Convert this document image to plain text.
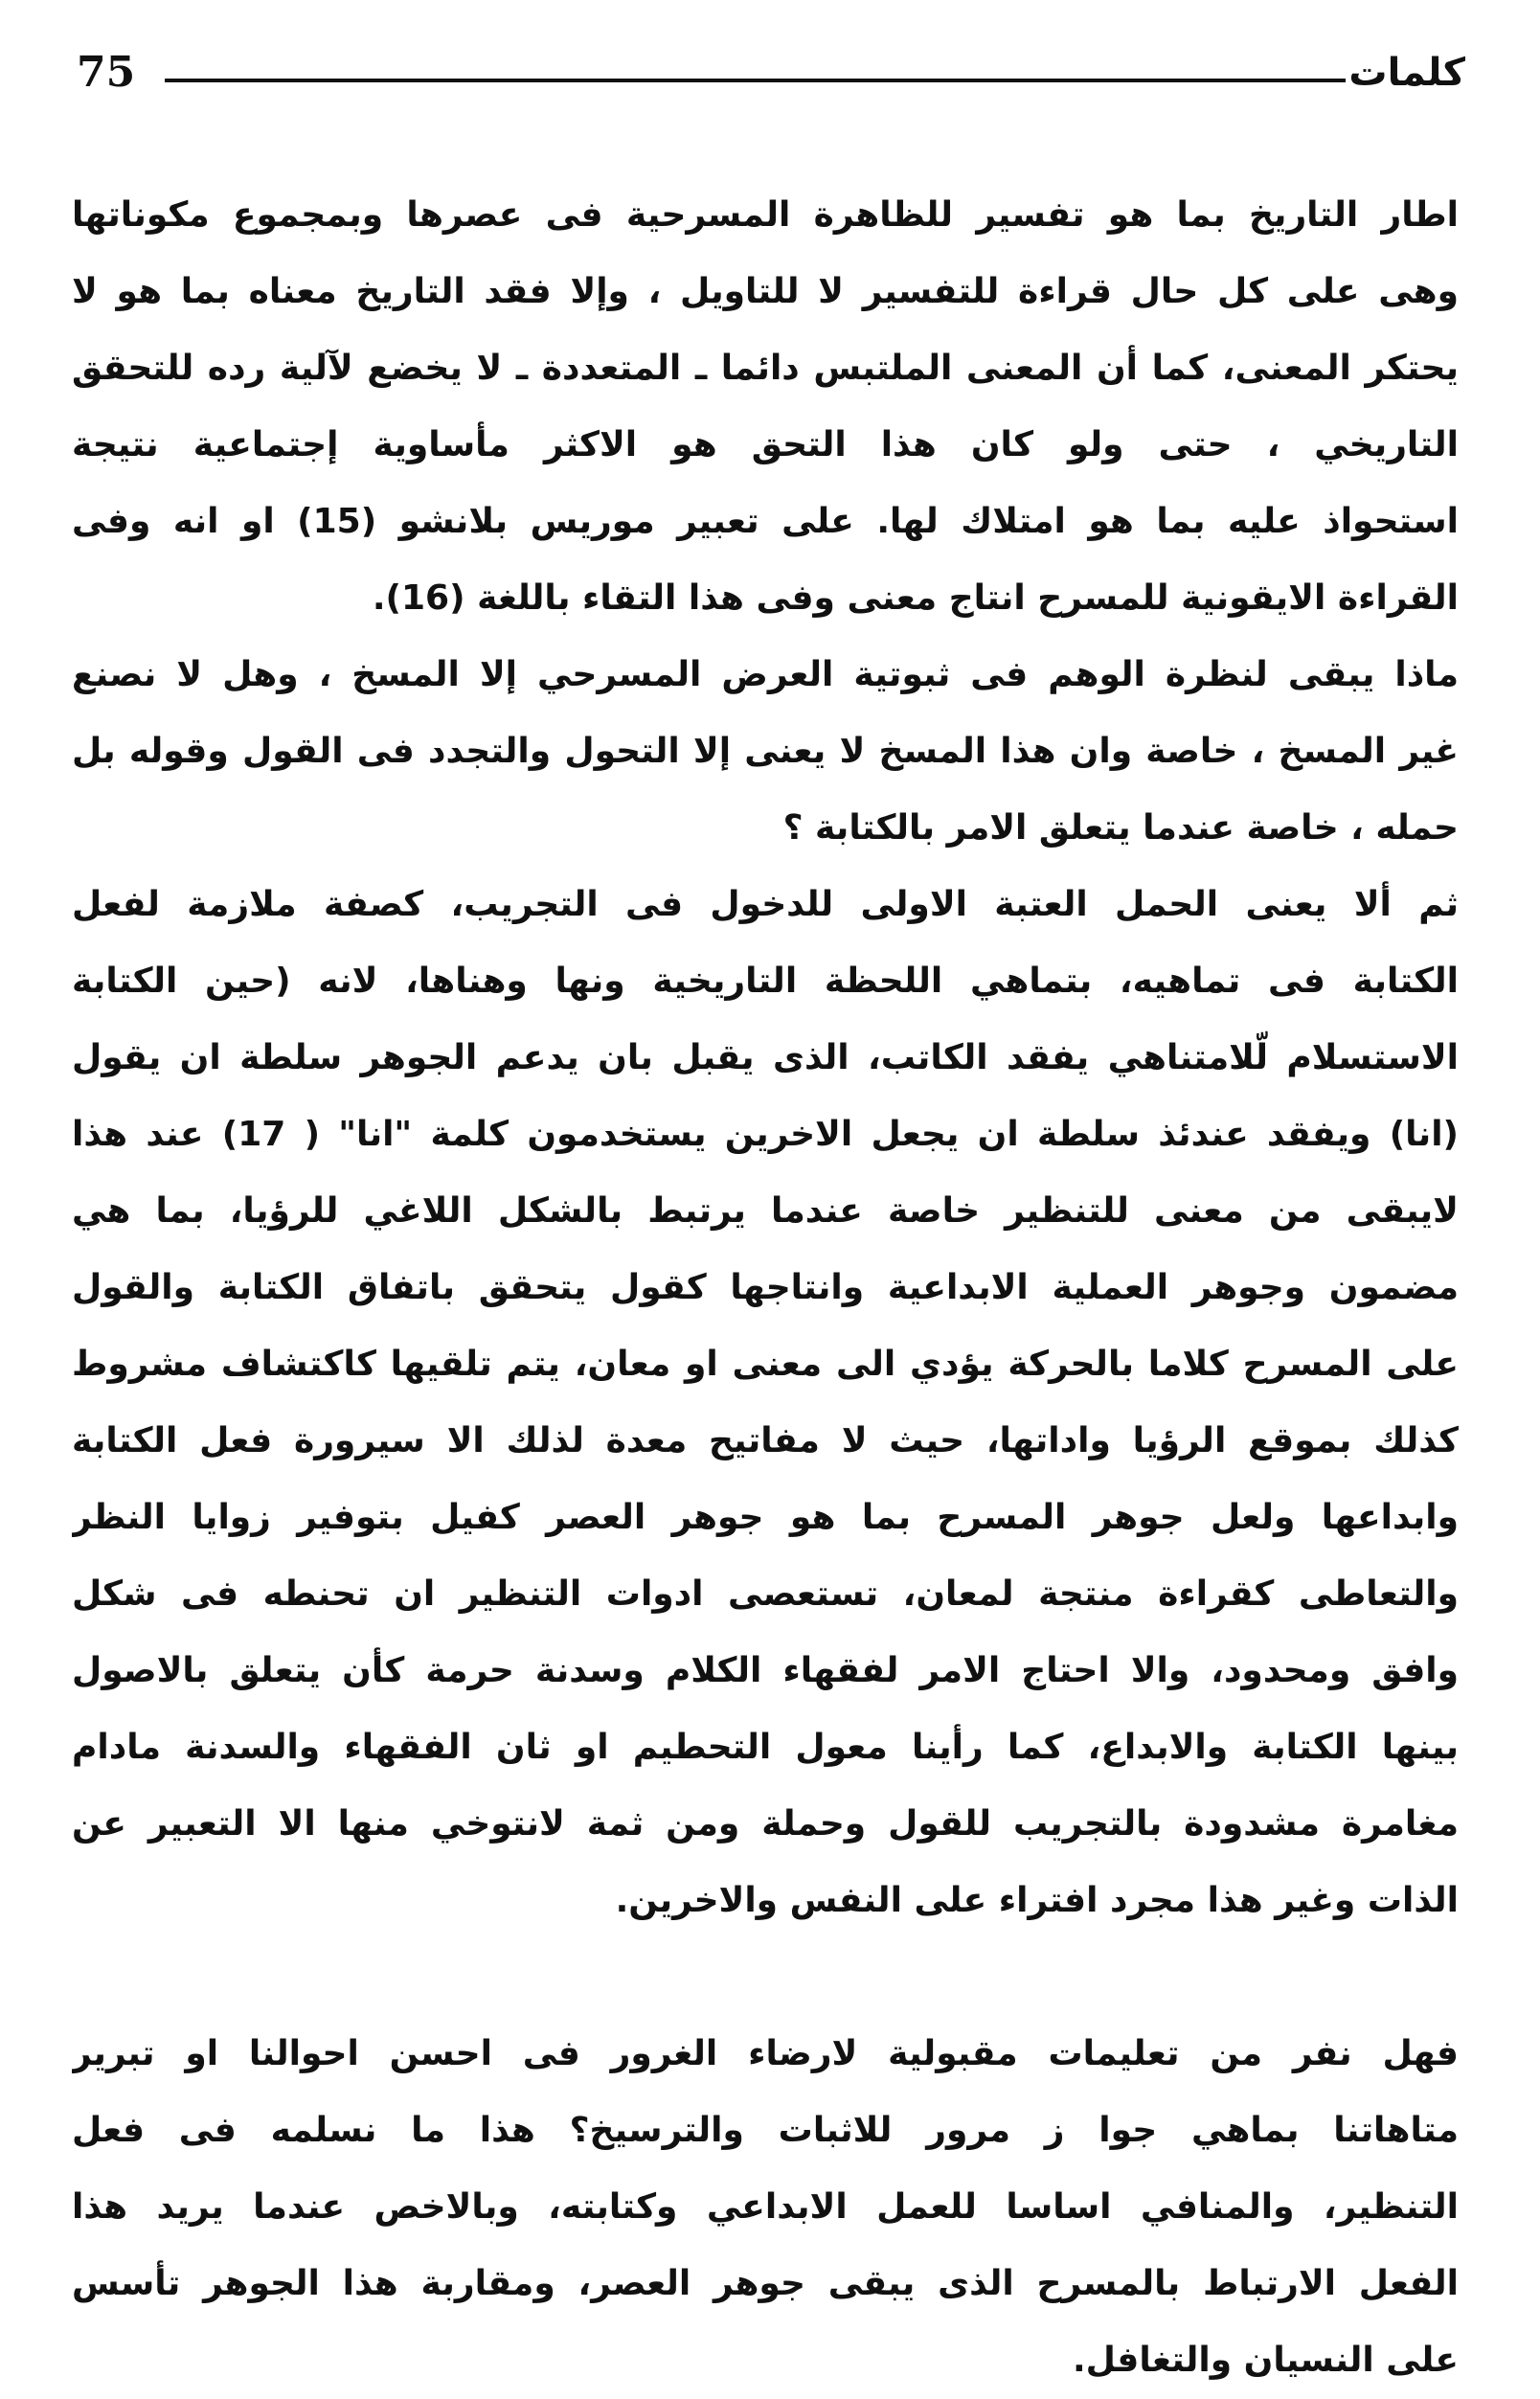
75	كلمات
اطار التاريخ بما هو تفسير للظاهرة المسرحية فى عصرها وبمجموع مكوناتها
وهى على كل حال قراءة للتفسير لا للتاويل ، وإلا فقد التاريخ معناه بما هو لا
يحتكر المعنى، كما أن المعنى الملتبس دائما ـ المتعددة ـ لا يخضع لآلية رده للتحقق
التاريخي ، حتى ولو كان هذا التحق هو الاكثر مأساوية إجتماعية نتيجة
استحواذ عليه بما هو امتلاك لها. على تعبير موريس بلانشو (15) او انه وفى
القراءة الايقونية للمسرح انتاج معنى وفى هذا التقاء باللغة (16).
ماذا يبقى لنظرة الوهم فى ثبوتية العرض المسرحي إلا المسخ ، وهل لا نصنع
غير المسخ ، خاصة وان هذا المسخ لا يعنى إلا التحول والتجدد فى القول وقوله بل
حمله ، خاصة عندما يتعلق الامر بالكتابة ؟
ثم ألا يعنى الحمل العتبة الاولى للدخول فى التجريب، كصفة ملازمة لفعل
الكتابة فى تماهيه، بتماهي اللحظة التاريخية ونها وهناها، لانه (حين الكتابة
الاستسلام لّلامتناهي يفقد الكاتب، الذى يقبل بان يدعم الجوهر سلطة ان يقول
(انا) ويفقد عندئذ سلطة ان يجعل الاخرين يستخدمون كلمة "انا" ( 17) عند هذا
لايبقى من معنى للتنظير خاصة عندما يرتبط بالشكل اللاغي للرؤيا، بما هي
مضمون وجوهر العملية الابداعية وانتاجها كقول يتحقق باتفاق الكتابة والقول
على المسرح كلاما بالحركة يؤدي الى معنى او معان، يتم تلقيها كاكتشاف مشروط
كذلك بموقع الرؤيا واداتها، حيث لا مفاتيح معدة لذلك الا سيرورة فعل الكتابة
وابداعها ولعل جوهر المسرح بما هو جوهر العصر كفيل بتوفير زوايا النظر
والتعاطى كقراءة منتجة لمعان، تستعصى ادوات التنظير ان تحنطه فى شكل
وافق ومحدود، والا احتاج الامر لفقهاء الكلام وسدنة حرمة كأن يتعلق بالاصول
بينها الكتابة والابداع، كما رأينا معول التحطيم او ثان الفقهاء والسدنة مادام
مغامرة مشدودة بالتجريب للقول وحملة ومن ثمة لانتوخي منها الا التعبير عن
الذات وغير هذا مجرد افتراء على النفس والاخرين.
فهل نفر من تعليمات مقبولية لارضاء الغرور فى احسن احوالنا او تبرير
متاهاتنا بماهي جوا ز مرور للاثبات والترسيخ؟ هذا ما نسلمه فى فعل
التنظير، والمنافي اساسا للعمل الابداعي وكتابته، وبالاخص عندما يريد هذا
الفعل الارتباط بالمسرح الذى يبقى جوهر العصر، ومقاربة هذا الجوهر تأسس
على النسيان والتغافل.
